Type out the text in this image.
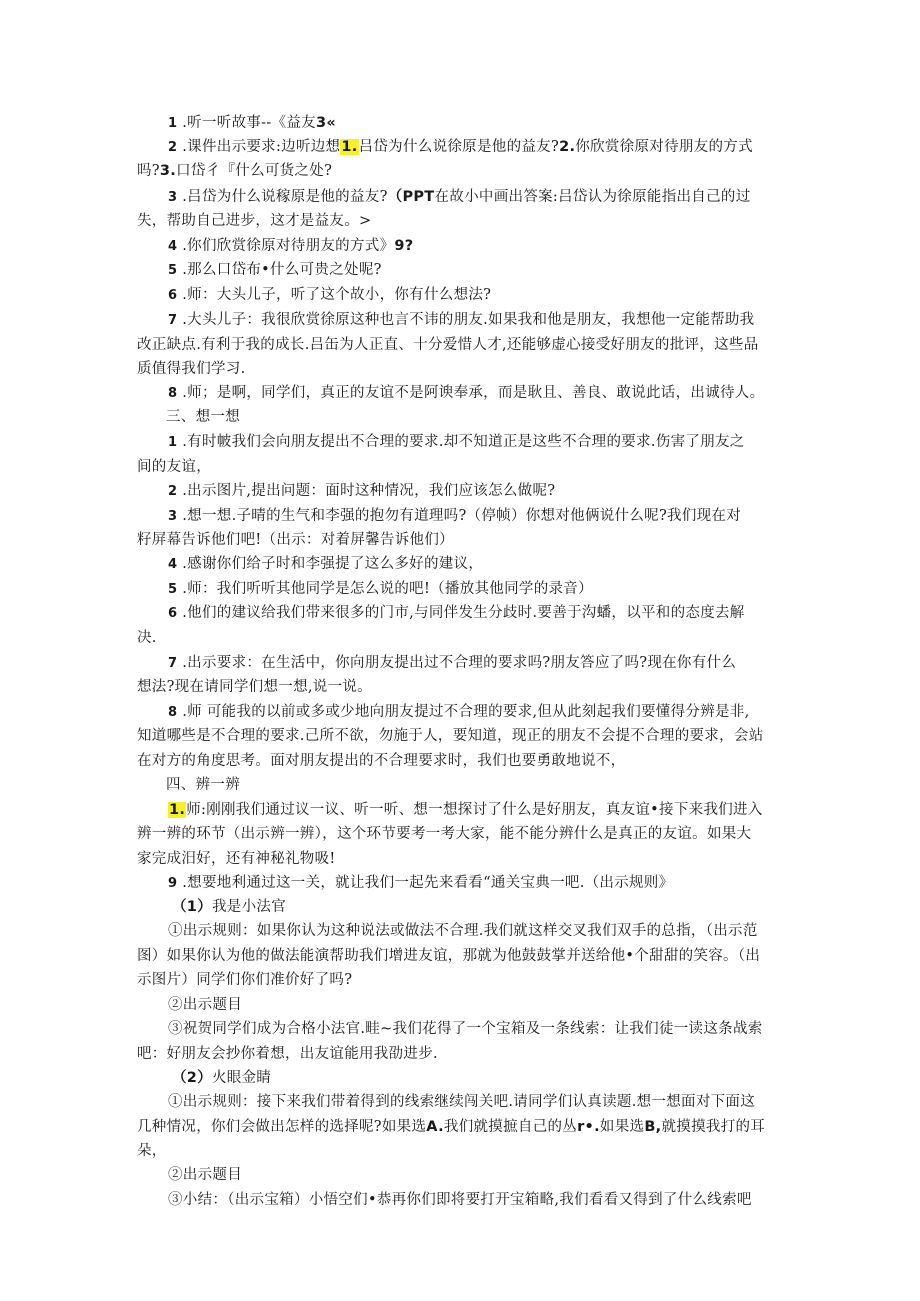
1 .听一听故事--《益友3«
2 .课件出示要求:边听边想1.吕岱为什么说徐原是他的益友?2.你欣赏徐原对待朋友的方式
吗?3.口岱彳『什么可货之处?
3 .吕岱为什么说稼原是他的益友?（PPT在故小中画出答案:吕岱认为徐原能指出自己的过
失，帮助自己进步，这才是益友。>
4 .你们欣赏徐原对待朋友的方式》9?
5 .那么口岱布•什么可贵之处呢?
6 .师：大头儿子，听了这个故小，你有什么想法?
7 .大头儿子：我很欣赏徐原这种也言不讳的朋友.如果我和他是朋友，我想他一定能帮助我
改正缺点.有利于我的成长.吕缶为人正直、十分爱惜人才,还能够虚心接受好朋友的批评，这些品
质值得我们学习.
8 .师；是啊，同学们，真正的友谊不是阿谀奉承，而是耿且、善良、敢说此话，出诚待人。
三、想一想
1 .有时帔我们会向朋友提出不合理的要求.却不知道正是这些不合理的要求.伤害了朋友之
间的友谊，
2 .出示图片,提出问题：面时这种情况，我们应该怎么做呢?
3 .想一想.子晴的生气和李强的抱勿有道理吗?（停帧）你想对他俩说什么呢?我们现在对
籽屏幕告诉他们吧!（出示：对着屏馨告诉他们）
4 .感谢你们给子时和李强提了这么多好的建议，
5 .师：我们听听其他同学是怎么说的吧!（播放其他同学的录音）
6 .他们的建议给我们带来很多的门市,与同伴发生分歧时.要善于沟蟠，以平和的态度去解
决.
7 .出示要求：在生活中，你向朋友提出过不合理的要求吗?朋友答应了吗?现在你有什么
想法?现在请同学们想一想,说一说。
8 .师 可能我的以前或多或少地向朋友提过不合理的要求,但从此刻起我们要懂得分辨是非,
知道哪些是不合理的要求.己所不欲，勿施于人，要知道，现正的朋友不会提不合理的要求，会站
在对方的角度思考。面对朋友提出的不合理要求时，我们也要勇敢地说不，
四、辨一辨
1.师:刚刚我们通过议一议、听一听、想一想探讨了什么是好朋友，真友谊•接下来我们进入
辨一辨的环节（出示辨一辨），这个环节要考一考大家，能不能分辨什么是真正的友谊。如果大
家完成汨好，还有神秘礼物吸!
9 .想要地利通过这一关，就让我们一起先来看看“通关宝典一吧.（出示规则》
（1）我是小法官
①出示规则：如果你认为这种说法或做法不合理.我们就这样交叉我们双手的总指，（出示范
图）如果你认为他的做法能演帮助我们增进友谊，那就为他鼓鼓掌并送给他•个甜甜的笑容。（出
示图片）同学们你们准价好了吗?
②出示题目
③祝贺同学们成为合格小法官.畦~我们花得了一个宝箱及一条线索：让我们徒一读这条战索
吧：好朋友会抄你着想，出友谊能用我劭进步.
（2）火眼金睛
①出示规则：接下来我们带着得到的线索继续闯关吧.请同学们认真读题.想一想面对下面这
几种情况，你们会做出怎样的选择呢?如果选A.我们就摸摭自己的丛r•.如果选B,就摸摸我打的耳
朵，
②出示题目
③小结：（出示宝箱）小悟空们•恭再你们即将要打开宝箱略,我们看看又得到了什么线索吧
